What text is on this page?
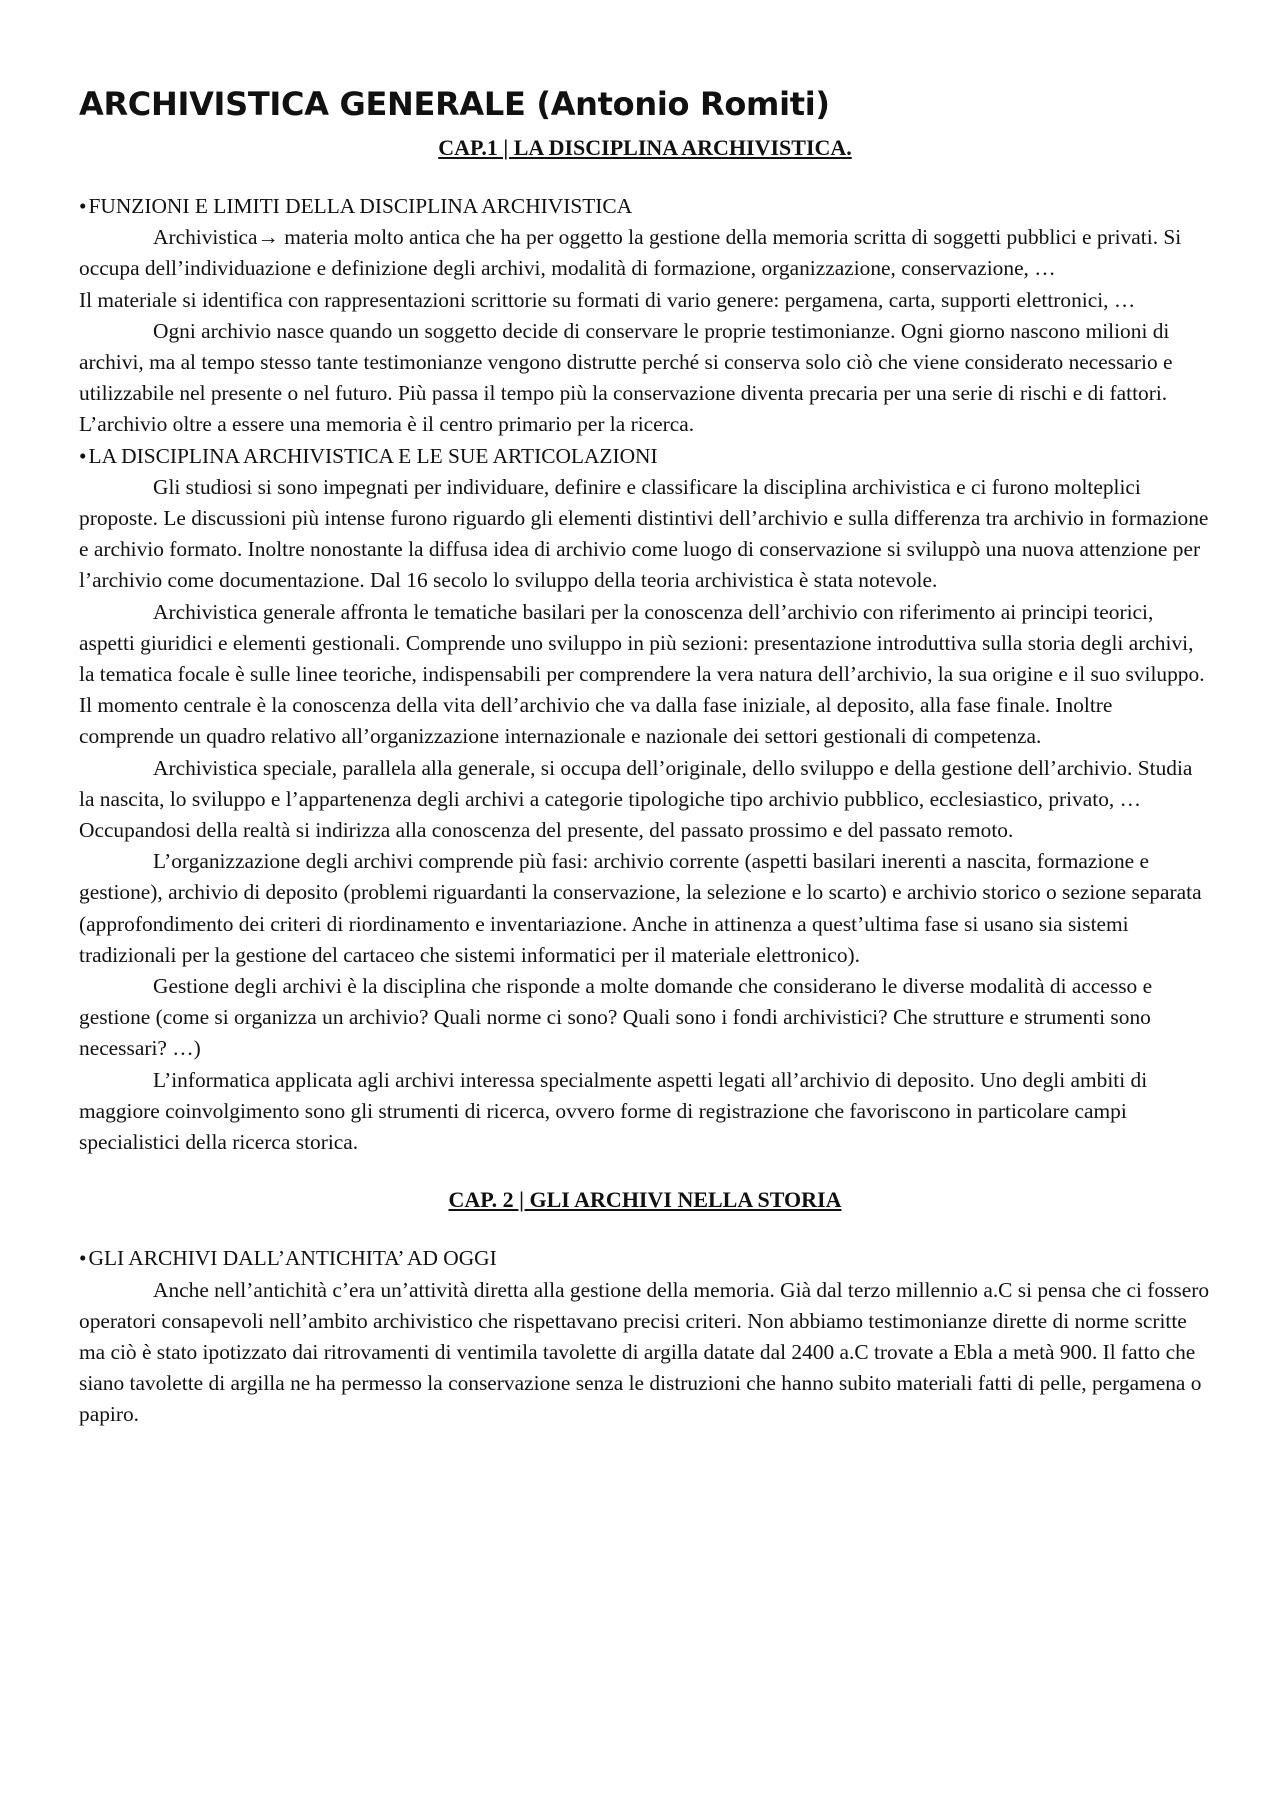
ARCHIVISTICA GENERALE (Antonio Romiti)
CAP.1 | LA DISCIPLINA ARCHIVISTICA.
•FUNZIONI E LIMITI DELLA DISCIPLINA ARCHIVISTICA

Archivistica→ materia molto antica che ha per oggetto la gestione della memoria scritta di soggetti pubblici e privati. Si occupa dell’individuazione e definizione degli archivi, modalità di formazione, organizzazione, conservazione, …

Il materiale si identifica con rappresentazioni scrittorie su formati di vario genere: pergamena, carta, supporti elettronici, …

Ogni archivio nasce quando un soggetto decide di conservare le proprie testimonianze. Ogni giorno nascono milioni di archivi, ma al tempo stesso tante testimonianze vengono distrutte perché si conserva solo ciò che viene considerato necessario e utilizzabile nel presente o nel futuro. Più passa il tempo più la conservazione diventa precaria per una serie di rischi e di fattori. L’archivio oltre a essere una memoria è il centro primario per la ricerca.

•LA DISCIPLINA ARCHIVISTICA E LE SUE ARTICOLAZIONI

Gli studiosi si sono impegnati per individuare, definire e classificare la disciplina archivistica e ci furono molteplici proposte. Le discussioni più intense furono riguardo gli elementi distintivi dell’archivio e sulla differenza tra archivio in formazione e archivio formato. Inoltre nonostante la diffusa idea di archivio come luogo di conservazione si sviluppò una nuova attenzione per l’archivio come documentazione. Dal 16 secolo lo sviluppo della teoria archivistica è stata notevole.

Archivistica generale affronta le tematiche basilari per la conoscenza dell’archivio con riferimento ai principi teorici, aspetti giuridici e elementi gestionali. Comprende uno sviluppo in più sezioni: presentazione introduttiva sulla storia degli archivi, la tematica focale è sulle linee teoriche, indispensabili per comprendere la vera natura dell’archivio, la sua origine e il suo sviluppo. Il momento centrale è la conoscenza della vita dell’archivio che va dalla fase iniziale, al deposito, alla fase finale. Inoltre comprende un quadro relativo all’organizzazione internazionale e nazionale dei settori gestionali di competenza.

Archivistica speciale, parallela alla generale, si occupa dell’originale, dello sviluppo e della gestione dell’archivio. Studia la nascita, lo sviluppo e l’appartenenza degli archivi a categorie tipologiche tipo archivio pubblico, ecclesiastico, privato, … Occupandosi della realtà si indirizza alla conoscenza del presente, del passato prossimo e del passato remoto.

L’organizzazione degli archivi comprende più fasi: archivio corrente (aspetti basilari inerenti a nascita, formazione e gestione), archivio di deposito (problemi riguardanti la conservazione, la selezione e lo scarto) e archivio storico o sezione separata (approfondimento dei criteri di riordinamento e inventariazione. Anche in attinenza a quest’ultima fase si usano sia sistemi tradizionali per la gestione del cartaceo che sistemi informatici per il materiale elettronico).

Gestione degli archivi è la disciplina che risponde a molte domande che considerano le diverse modalità di accesso e gestione (come si organizza un archivio? Quali norme ci sono? Quali sono i fondi archivistici? Che strutture e strumenti sono necessari? …)

L’informatica applicata agli archivi interessa specialmente aspetti legati all’archivio di deposito. Uno degli ambiti di maggiore coinvolgimento sono gli strumenti di ricerca, ovvero forme di registrazione che favoriscono in particolare campi specialistici della ricerca storica.

CAP. 2 | GLI ARCHIVI NELLA STORIA
•GLI ARCHIVI DALL’ANTICHITA’ AD OGGI

Anche nell’antichità c’era un’attività diretta alla gestione della memoria. Già dal terzo millennio a.C si pensa che ci fossero operatori consapevoli nell’ambito archivistico che rispettavano precisi criteri. Non abbiamo testimonianze dirette di norme scritte ma ciò è stato ipotizzato dai ritrovamenti di ventimila tavolette di argilla datate dal 2400 a.C trovate a Ebla a metà 900. Il fatto che siano tavolette di argilla ne ha permesso la conservazione senza le distruzioni che hanno subito materiali fatti di pelle, pergamena o papiro.
